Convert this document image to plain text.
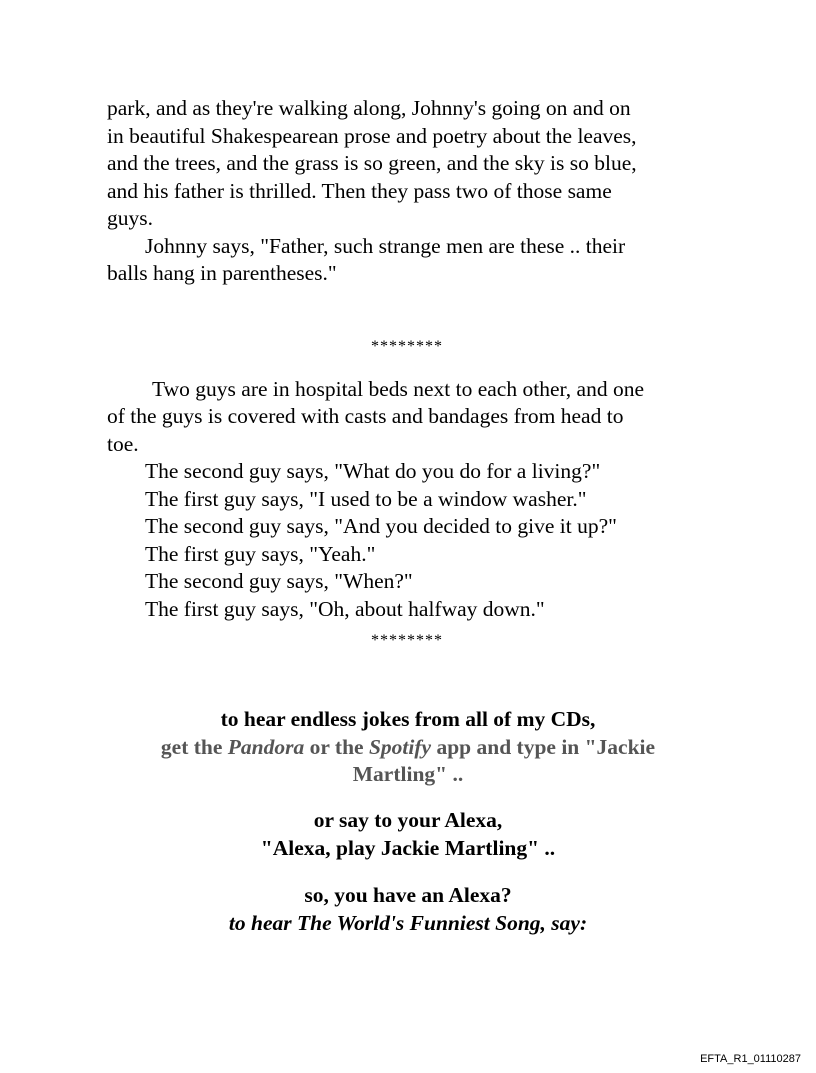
park, and as they're walking along, Johnny's going on and on
in beautiful Shakespearean prose and poetry about the leaves,
and the trees, and the grass is so green, and the sky is so blue,
and his father is thrilled. Then they pass two of those same
guys.
Johnny says, "Father, such strange men are these .. their
balls hang in parentheses."

********

Two guys are in hospital beds next to each other, and one
of the guys is covered with casts and bandages from head to
toe.
The second guy says, "What do you do for a living?"
The first guy says, "I used to be a window washer."
The second guy says, "And you decided to give it up?"
The first guy says, "Yeah."
The second guy says, "When?"
The first guy says, "Oh, about halfway down."

********
to hear endless jokes from all of my CDs,
get the Pandora or the Spotify app and type in "Jackie
Martling" ..
or say to your Alexa,
"Alexa, play Jackie Martling" ..
so, you have an Alexa?
to hear The World's Funniest Song, say:
EFTA_R1_01110287
